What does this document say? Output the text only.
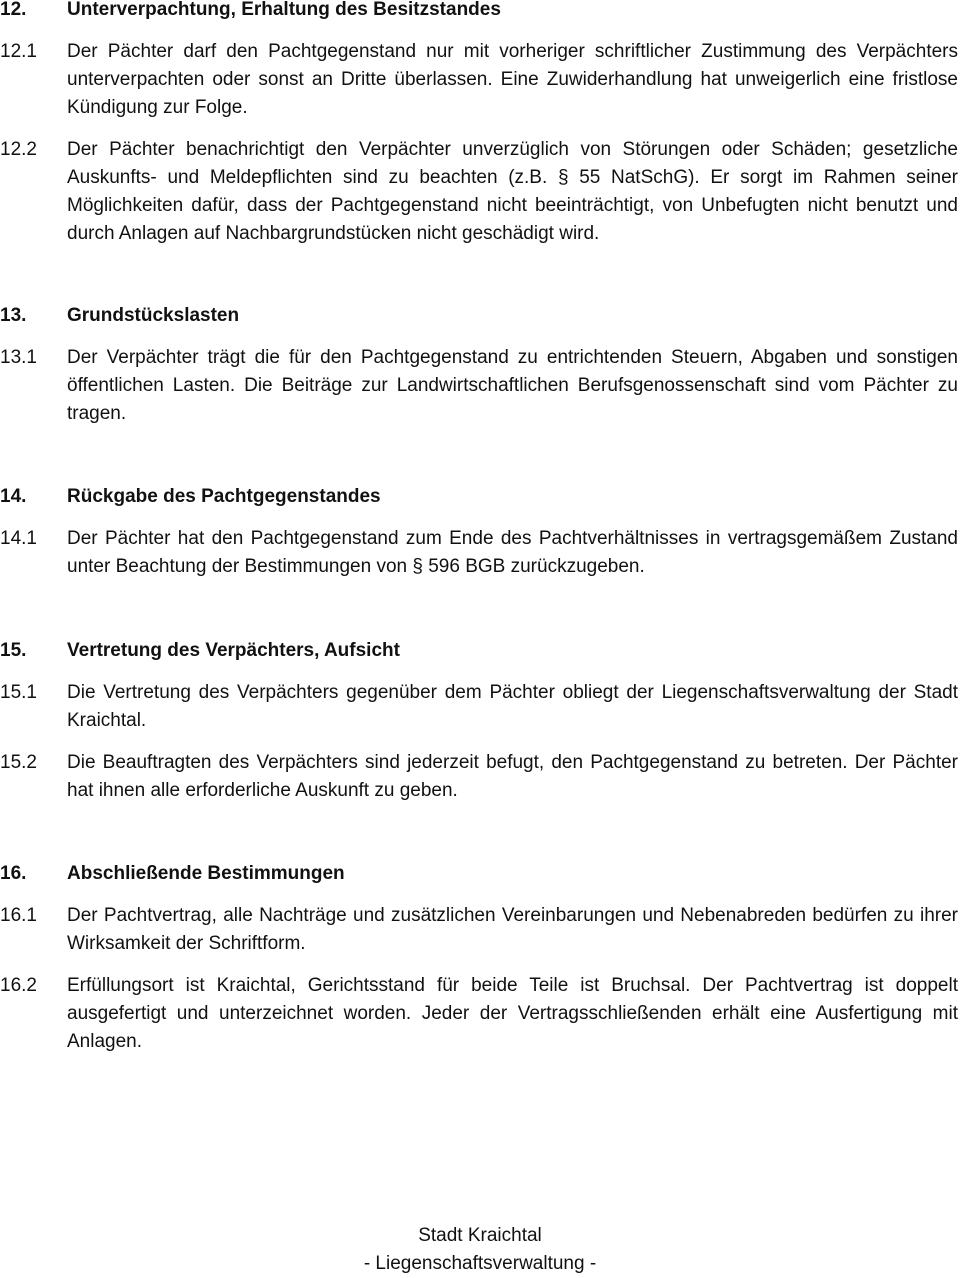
12.	Unterverpachtung, Erhaltung des Besitzstandes
12.1	Der Pächter darf den Pachtgegenstand nur mit vorheriger schriftlicher Zustimmung des Verpächters unterverpachten oder sonst an Dritte überlassen. Eine Zuwiderhandlung hat unweigerlich eine fristlose Kündigung zur Folge.
12.2	Der Pächter benachrichtigt den Verpächter unverzüglich von Störungen oder Schäden; gesetzliche Auskunfts- und Meldepflichten sind zu beachten (z.B. § 55 NatSchG). Er sorgt im Rahmen seiner Möglichkeiten dafür, dass der Pachtgegenstand nicht beeinträchtigt, von Unbefugten nicht benutzt und durch Anlagen auf Nachbargrundstücken nicht geschädigt wird.
13.	Grundstückslasten
13.1	Der Verpächter trägt die für den Pachtgegenstand zu entrichtenden Steuern, Abgaben und sonstigen öffentlichen Lasten. Die Beiträge zur Landwirtschaftlichen Berufsgenossenschaft sind vom Pächter zu tragen.
14.	Rückgabe des Pachtgegenstandes
14.1	Der Pächter hat den Pachtgegenstand zum Ende des Pachtverhältnisses in vertragsgemäßem Zustand unter Beachtung der Bestimmungen von § 596 BGB zurückzugeben.
15.	Vertretung des Verpächters, Aufsicht
15.1	Die Vertretung des Verpächters gegenüber dem Pächter obliegt der Liegenschaftsverwaltung der Stadt Kraichtal.
15.2	Die Beauftragten des Verpächters sind jederzeit befugt, den Pachtgegenstand zu betreten. Der Pächter hat ihnen alle erforderliche Auskunft zu geben.
16.	Abschließende Bestimmungen
16.1	Der Pachtvertrag, alle Nachträge und zusätzlichen Vereinbarungen und Nebenabreden bedürfen zu ihrer Wirksamkeit der Schriftform.
16.2	Erfüllungsort ist Kraichtal, Gerichtsstand für beide Teile ist Bruchsal. Der Pachtvertrag ist doppelt ausgefertigt und unterzeichnet worden. Jeder der Vertragsschließenden erhält eine Ausfertigung mit Anlagen.
Stadt Kraichtal
- Liegenschaftsverwaltung -
